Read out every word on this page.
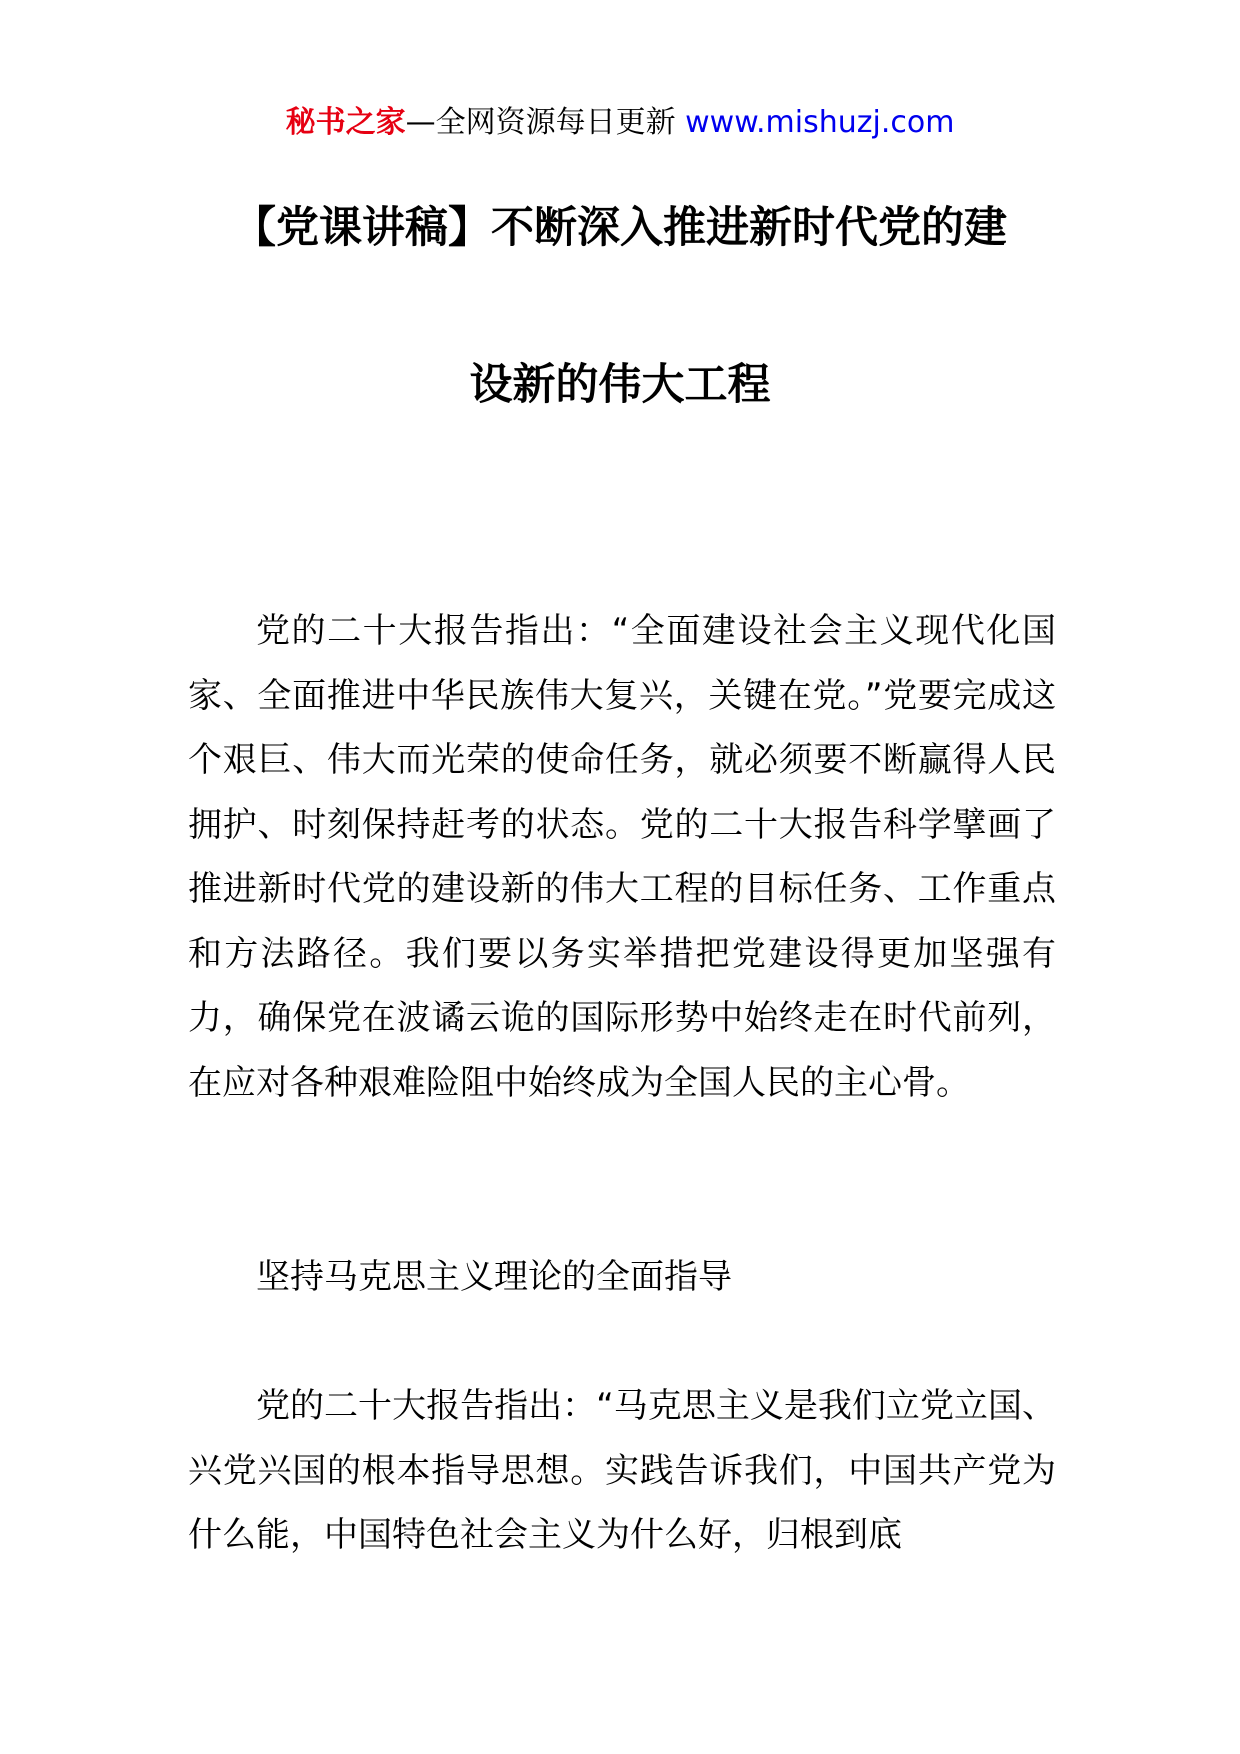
秘书之家—全网资源每日更新 www.mishuzj.com
【党课讲稿】不断深入推进新时代党的建
设新的伟大工程

党的二十大报告指出：“全面建设社会主义现代化国家、全面推进中华民族伟大复兴，关键在党。”党要完成这个艰巨、伟大而光荣的使命任务，就必须要不断赢得人民拥护、时刻保持赶考的状态。党的二十大报告科学擘画了推进新时代党的建设新的伟大工程的目标任务、工作重点和方法路径。我们要以务实举措把党建设得更加坚强有力，确保党在波谲云诡的国际形势中始终走在时代前列，在应对各种艰难险阻中始终成为全国人民的主心骨。

坚持马克思主义理论的全面指导

党的二十大报告指出：“马克思主义是我们立党立国、兴党兴国的根本指导思想。实践告诉我们，中国共产党为什么能，中国特色社会主义为什么好，归根到底
